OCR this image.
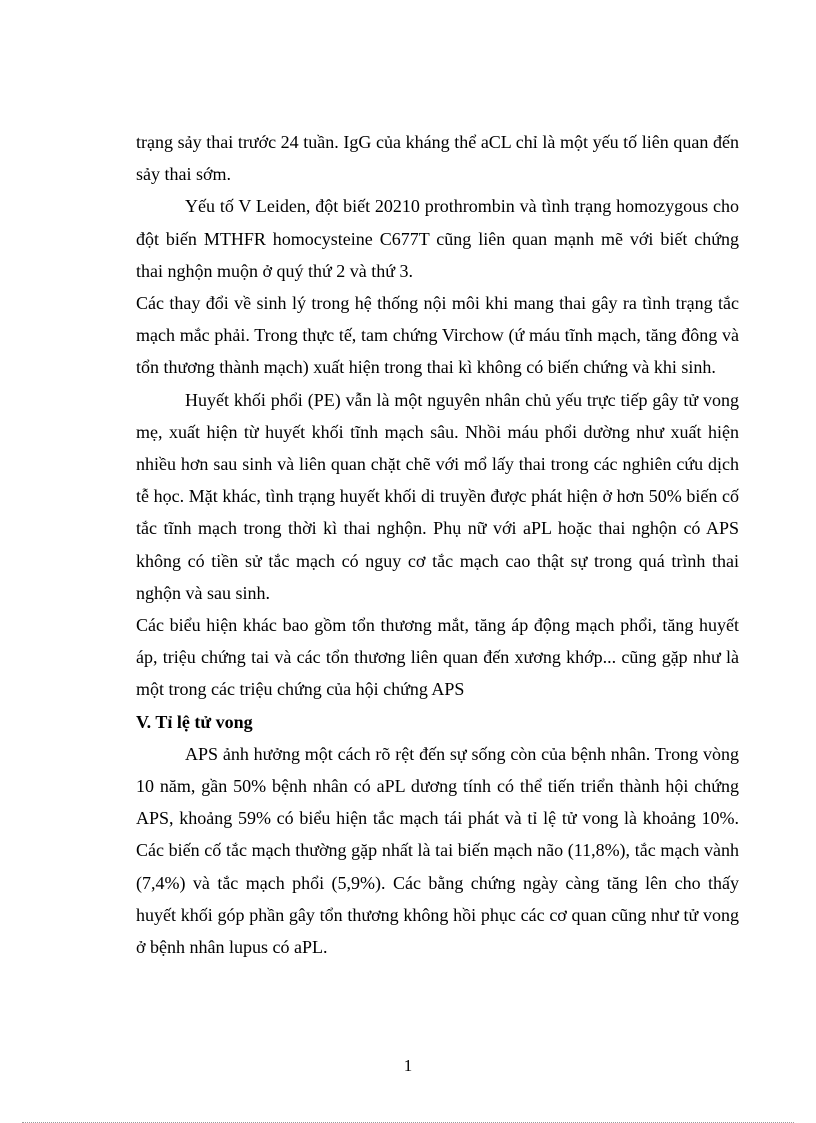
trạng sảy thai trước 24 tuần. IgG của kháng thể aCL chỉ là một yếu tố liên quan đến sảy thai sớm.

Yếu tố V Leiden, đột biết 20210 prothrombin và tình trạng homozygous cho đột biến MTHFR homocysteine C677T cũng liên quan mạnh mẽ với biết chứng thai nghộn muộn ở quý thứ 2 và thứ 3.

Các thay đổi về sinh lý trong hệ thống nội môi khi mang thai gây ra tình trạng tắc mạch mắc phải. Trong thực tế, tam chứng Virchow (ứ máu tĩnh mạch, tăng đông và tổn thương thành mạch) xuất hiện trong thai kì không có biến chứng và khi sinh.

Huyết khối phổi (PE) vẫn là một nguyên nhân chủ yếu trực tiếp gây tử vong mẹ, xuất hiện từ huyết khối tĩnh mạch sâu. Nhồi máu phổi dường như xuất hiện nhiều hơn sau sinh và liên quan chặt chẽ với mổ lấy thai trong các nghiên cứu dịch tễ học. Mặt khác, tình trạng huyết khối di truyền được phát hiện ở hơn 50% biến cố tắc tĩnh mạch trong thời kì thai nghộn. Phụ nữ với aPL hoặc thai nghộn có APS không có tiền sử tắc mạch có nguy cơ tắc mạch cao thật sự trong quá trình thai nghộn và sau sinh.

Các biểu hiện khác bao gồm tổn thương mắt, tăng áp động mạch phổi, tăng huyết áp, triệu chứng tai và các tổn thương liên quan đến xương khớp... cũng gặp như là một trong các triệu chứng của hội chứng APS

V. Tỉ lệ tử vong

APS ảnh hưởng một cách rõ rệt đến sự sống còn của bệnh nhân. Trong vòng 10 năm, gần 50% bệnh nhân có aPL dương tính có thể tiến triển thành hội chứng APS, khoảng 59% có biểu hiện tắc mạch tái phát và tỉ lệ tử vong là khoảng 10%. Các biến cố tắc mạch thường gặp nhất là tai biến mạch não (11,8%), tắc mạch vành (7,4%) và tắc mạch phổi (5,9%). Các bằng chứng ngày càng tăng lên cho thấy huyết khối góp phần gây tổn thương không hồi phục các cơ quan cũng như tử vong ở bệnh nhân lupus có aPL.

1
